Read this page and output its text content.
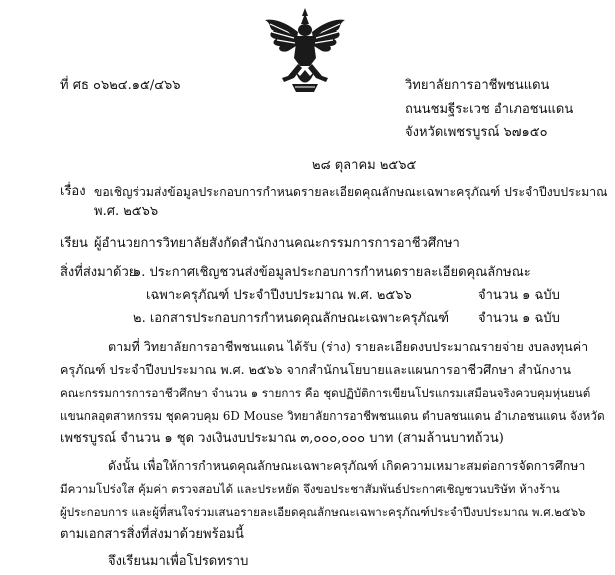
ที่ ศธ ๐๖๒๔.๑๕/๔๖๖	วิทยาลัยการอาชีพชนแดน
ถนนชมฐีระเวช อำเภอชนแดน
จังหวัดเพชรบูรณ์ ๖๗๑๕๐
๒๘ ตุลาคม ๒๕๖๕
เรื่อง ขอเชิญร่วมส่งข้อมูลประกอบการกำหนดรายละเอียดคุณลักษณะเฉพาะครุภัณฑ์ ประจำปีงบประมาณ
พ.ศ. ๒๕๖๖
เรียน ผู้อำนวยการวิทยาลัยสังกัดสำนักงานคณะกรรมการการอาชีวศึกษา
สิ่งที่ส่งมาด้วย
๑. ประกาศเชิญชวนส่งข้อมูลประกอบการกำหนดรายละเอียดคุณลักษณะ
เฉพาะครุภัณฑ์ ประจำปีงบประมาณ พ.ศ. ๒๕๖๖	จำนวน ๑ ฉบับ
๒. เอกสารประกอบการกำหนดคุณลักษณะเฉพาะครุภัณฑ์ จำนวน ๑ ฉบับ
ตามที่ วิทยาลัยการอาชีพชนแดน ได้รับ (ร่าง) รายละเอียดงบประมาณรายจ่าย งบลงทุนค่า
ครุภัณฑ์ ประจำปีงบประมาณ พ.ศ. ๒๕๖๖ จากสำนักนโยบายและแผนการอาชีวศึกษา สำนักงาน
คณะกรรมการการอาชีวศึกษา จำนวน ๑ รายการ คือ ชุดปฏิบัติการเขียนโปรแกรมเสมือนจริงควบคุมหุ่นยนต์
แขนกลอุตสาหกรรม ชุดควบคุม 6D Mouse วิทยาลัยการอาชีพชนแดน ตำบลชนแดน อำเภอชนแดน จังหวัด
เพชรบูรณ์ จำนวน ๑ ชุด วงเงินงบประมาณ ๓,๐๐๐,๐๐๐ บาท (สามล้านบาทถ้วน)
ดังนั้น เพื่อให้การกำหนดคุณลักษณะเฉพาะครุภัณฑ์ เกิดความเหมาะสมต่อการจัดการศึกษา
มีความโปร่งใส คุ้มค่า ตรวจสอบได้ และประหยัด จึงขอประชาสัมพันธ์ประกาศเชิญชวนบริษัท ห้างร้าน
ผู้ประกอบการ และผู้ที่สนใจร่วมเสนอรายละเอียดคุณลักษณะเฉพาะครุภัณฑ์ประจำปีงบประมาณ พ.ศ.๒๕๖๖
ตามเอกสารสิ่งที่ส่งมาด้วยพร้อมนี้
จึงเรียนมาเพื่อโปรดทราบ
